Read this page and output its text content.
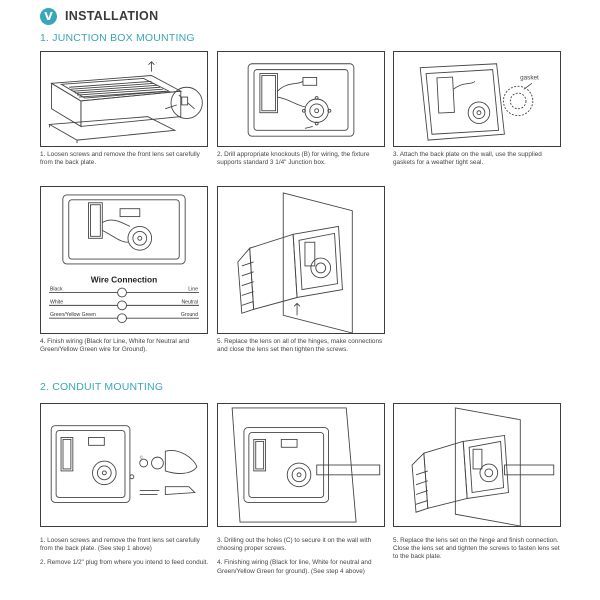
V INSTALLATION
1. JUNCTION BOX MOUNTING
↑

1. Loosen screws and remove the front lens set carefully from the back plate.

2. Drill appropriate knockouts (B) for wiring, the fixture supports standard 3 1/4" Junction box.

gasket

3. Attach the back plate on the wall, use the supplied gaskets for a weather tight seal.

Wire Connection
Black	Line
White	Neutral
Green/Yellow Green	Ground

4. Finish wiring (Black for Line, White for Neutral and Green/Yellow Green wire for Ground).

5. Replace the lens on all of the hinges, make connections and close the lens set then tighten the screws.

2. CONDUIT MOUNTING
©

1. Loosen screws and remove the front lens set carefully from the back plate. (See step 1 above)

2. Remove 1/2" plug from where you intend to feed conduit.

3. Drilling out the holes (C) to secure it on the wall with choosing proper screws.

4. Finishing wiring (Black for line, White for neutral and Green/Yellow Green for ground). (See step 4 above)

5. Replace the lens set on the hinge and finish connection. Close the lens set and tighten the screws to fasten lens set to the back plate.
